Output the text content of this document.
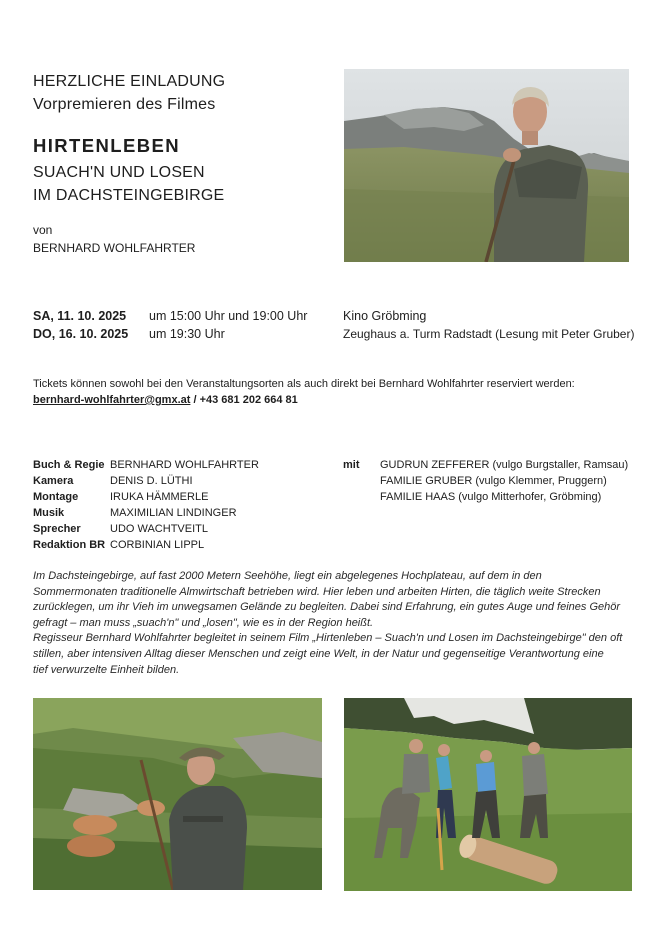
HERZLICHE EINLADUNG
Vorpremieren des Filmes
HIRTENLEBEN
SUACH'N UND LOSEN
IM DACHSTEINGEBIRGE
von
BERNHARD WOHLFAHRTER
SA, 11. 10. 2025 um 15:00 Uhr und 19:00 Uhr	Kino Gröbming
DO, 16. 10. 2025 um 19:30 Uhr	Zeughaus a. Turm Radstadt (Lesung mit Peter Gruber)
Tickets können sowohl bei den Veranstaltungsorten als auch direkt bei Bernhard Wohlfahrter reserviert werden:
bernhard-wohlfahrter@gmx.at / +43 681 202 664 81
Buch & Regie
Kamera
Montage
Musik
Sprecher
Redaktion BR
BERNHARD WOHLFAHRTER
DENIS D. LÜTHI
IRUKA HÄMMERLE
MAXIMILIAN LINDINGER
UDO WACHTVEITL
CORBINIAN LIPPL
mit GUDRUN ZEFFERER (vulgo Burgstaller, Ramsau)
FAMILIE GRUBER (vulgo Klemmer, Pruggern)
FAMILIE HAAS (vulgo Mitterhofer, Gröbming)
Im Dachsteingebirge, auf fast 2000 Metern Seehöhe, liegt ein abgelegenes Hochplateau, auf dem in den
Sommermonaten traditionelle Almwirtschaft betrieben wird. Hier leben und arbeiten Hirten, die täglich weite Strecken
zurücklegen, um ihr Vieh im unwegsamen Gelände zu begleiten. Dabei sind Erfahrung, ein gutes Auge und feines Gehör
gefragt – man muss „suach'n" und „losen", wie es in der Region heißt.
Regisseur Bernhard Wohlfahrter begleitet in seinem Film „Hirtenleben – Suach'n und Losen im Dachsteingebirge" den oft
stillen, aber intensiven Alltag dieser Menschen und zeigt eine Welt, in der Natur und gegenseitige Verantwortung eine
tief verwurzelte Einheit bilden.
